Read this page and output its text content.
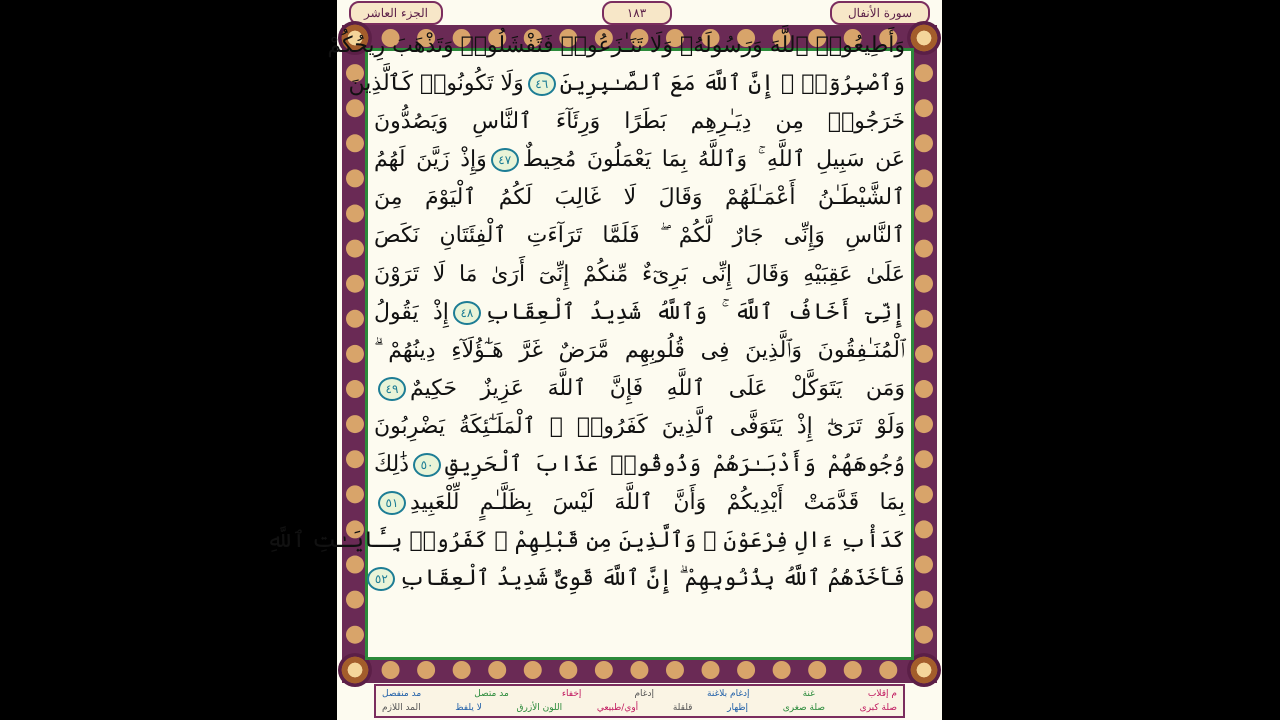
الجزء العاشر	١٨٣	سورة الأنفال
وَأَطِيعُوا۟ ٱللَّهَ وَرَسُولَهُۥ وَلَا تَنَـٰزَعُوا۟ فَتَفْشَلُوا۟ وَتَذْهَبَ رِيحُكُمْ
وَٱصْبِرُوٓا۟ ۚ إِنَّ ٱللَّهَ مَعَ ٱلصَّـٰبِرِينَ٤٦وَلَا تَكُونُوا۟ كَٱلَّذِينَ
خَرَجُوا۟ مِن دِيَـٰرِهِم بَطَرًا وَرِئَآءَ ٱلنَّاسِ وَيَصُدُّونَ
عَن سَبِيلِ ٱللَّهِ ۚ وَٱللَّهُ بِمَا يَعْمَلُونَ مُحِيطٌ٤٧وَإِذْ زَيَّنَ لَهُمُ
ٱلشَّيْطَـٰنُ أَعْمَـٰلَهُمْ وَقَالَ لَا غَالِبَ لَكُمُ ٱلْيَوْمَ مِنَ
ٱلنَّاسِ وَإِنِّى جَارٌ لَّكُمْ ۖ فَلَمَّا تَرَآءَتِ ٱلْفِئَتَانِ نَكَصَ
عَلَىٰ عَقِبَيْهِ وَقَالَ إِنِّى بَرِىٓءٌ مِّنكُمْ إِنِّىٓ أَرَىٰ مَا لَا تَرَوْنَ
إِنِّىٓ أَخَافُ ٱللَّهَ ۚ وَٱللَّهُ شَدِيدُ ٱلْعِقَابِ٤٨إِذْ يَقُولُ
ٱلْمُنَـٰفِقُونَ وَٱلَّذِينَ فِى قُلُوبِهِم مَّرَضٌ غَرَّ هَـٰٓؤُلَآءِ دِينُهُمْ ۗ
وَمَن يَتَوَكَّلْ عَلَى ٱللَّهِ فَإِنَّ ٱللَّهَ عَزِيزٌ حَكِيمٌ٤٩
وَلَوْ تَرَىٰٓ إِذْ يَتَوَفَّى ٱلَّذِينَ كَفَرُوا۟ ۙ ٱلْمَلَـٰٓئِكَةُ يَضْرِبُونَ
وُجُوهَهُمْ وَأَدْبَـٰرَهُمْ وَذُوقُوا۟ عَذَابَ ٱلْحَرِيقِ٥٠ذَٰلِكَ
بِمَا قَدَّمَتْ أَيْدِيكُمْ وَأَنَّ ٱللَّهَ لَيْسَ بِظَلَّـٰمٍ لِّلْعَبِيدِ٥١
كَدَأْبِ ءَالِ فِرْعَوْنَ ۙ وَٱلَّذِينَ مِن قَبْلِهِمْ ۚ كَفَرُوا۟ بِـَٔايَـٰتِ ٱللَّهِ
فَأَخَذَهُمُ ٱللَّهُ بِذُنُوبِهِمْ ۗ إِنَّ ٱللَّهَ قَوِىٌّ شَدِيدُ ٱلْعِقَابِ٥٢
م إقلاب
غنة
إدغام بلاغنة
إدغام
إخفاء
مد متصل
مد منفصل
صلة كبرى
صلة صغرى
إظهار
قلقلة
أوي/طبيعي
اللون الأزرق
لا يلفظ
المد اللازم
